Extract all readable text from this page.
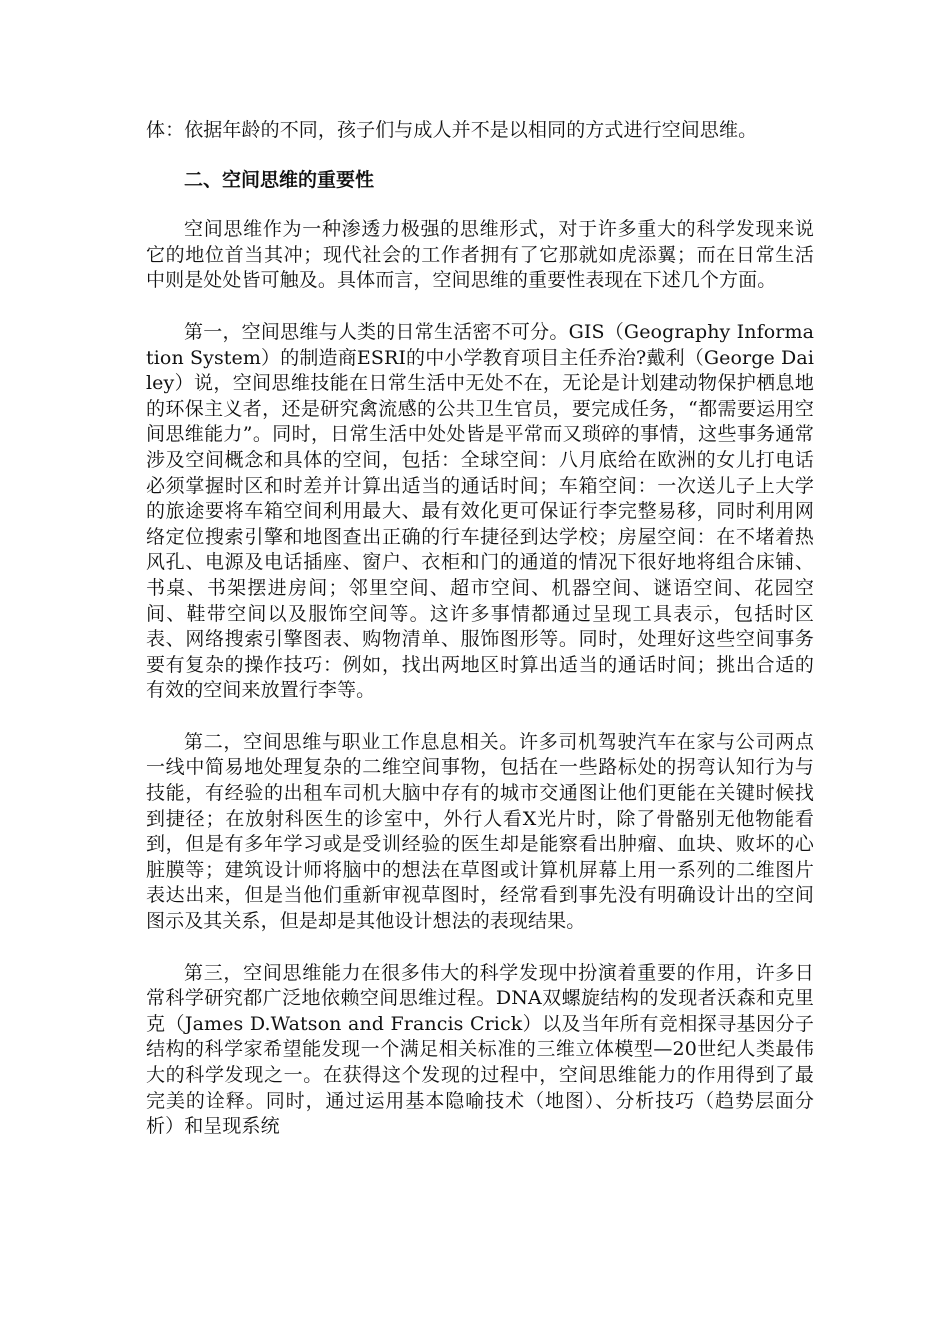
体：依据年龄的不同，孩子们与成人并不是以相同的方式进行空间思维。

二、空间思维的重要性

空间思维作为一种渗透力极强的思维形式，对于许多重大的科学发现来说它的地位首当其冲；现代社会的工作者拥有了它那就如虎添翼；而在日常生活中则是处处皆可触及。具体而言，空间思维的重要性表现在下述几个方面。

第一，空间思维与人类的日常生活密不可分。GIS（Geography Information System）的制造商ESRI的中小学教育项目主任乔治?戴利（George Dailey）说，空间思维技能在日常生活中无处不在，无论是计划建动物保护栖息地的环保主义者，还是研究禽流感的公共卫生官员，要完成任务，“都需要运用空间思维能力”。同时，日常生活中处处皆是平常而又琐碎的事情，这些事务通常涉及空间概念和具体的空间，包括：全球空间：八月底给在欧洲的女儿打电话必须掌握时区和时差并计算出适当的通话时间；车箱空间：一次送儿子上大学的旅途要将车箱空间利用最大、最有效化更可保证行李完整易移，同时利用网络定位搜索引擎和地图查出正确的行车捷径到达学校；房屋空间：在不堵着热风孔、电源及电话插座、窗户、衣柜和门的通道的情况下很好地将组合床铺、书桌、书架摆进房间；邻里空间、超市空间、机器空间、谜语空间、花园空间、鞋带空间以及服饰空间等。这许多事情都通过呈现工具表示，包括时区表、网络搜索引擎图表、购物清单、服饰图形等。同时，处理好这些空间事务要有复杂的操作技巧：例如，找出两地区时算出适当的通话时间；挑出合适的有效的空间来放置行李等。

第二，空间思维与职业工作息息相关。许多司机驾驶汽车在家与公司两点一线中简易地处理复杂的二维空间事物，包括在一些路标处的拐弯认知行为与技能，有经验的出租车司机大脑中存有的城市交通图让他们更能在关键时候找到捷径；在放射科医生的诊室中，外行人看X光片时，除了骨骼别无他物能看到，但是有多年学习或是受训经验的医生却是能察看出肿瘤、血块、败坏的心脏膜等；建筑设计师将脑中的想法在草图或计算机屏幕上用一系列的二维图片表达出来，但是当他们重新审视草图时，经常看到事先没有明确设计出的空间图示及其关系，但是却是其他设计想法的表现结果。

第三，空间思维能力在很多伟大的科学发现中扮演着重要的作用，许多日常科学研究都广泛地依赖空间思维过程。DNA双螺旋结构的发现者沃森和克里克（James D.Watson and Francis Crick）以及当年所有竞相探寻基因分子结构的科学家希望能发现一个满足相关标准的三维立体模型—20世纪人类最伟大的科学发现之一。在获得这个发现的过程中，空间思维能力的作用得到了最完美的诠释。同时，通过运用基本隐喻技术（地图）、分析技巧（趋势层面分析）和呈现系统
